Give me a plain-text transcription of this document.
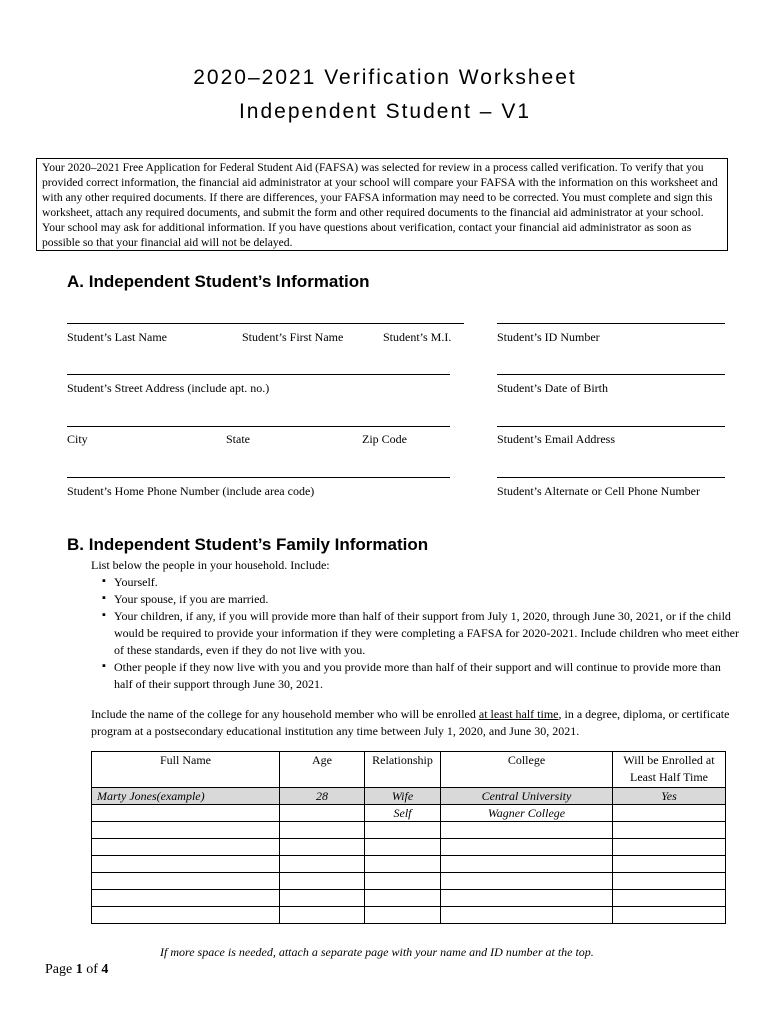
2020–2021 Verification Worksheet
Independent Student – V1
Your 2020–2021 Free Application for Federal Student Aid (FAFSA) was selected for review in a process called verification. To verify that you provided correct information, the financial aid administrator at your school will compare your FAFSA with the information on this worksheet and with any other required documents. If there are differences, your FAFSA information may need to be corrected. You must complete and sign this worksheet, attach any required documents, and submit the form and other required documents to the financial aid administrator at your school. Your school may ask for additional information. If you have questions about verification, contact your financial aid administrator as soon as possible so that your financial aid will not be delayed.
A. Independent Student’s Information
Student’s Last Name	Student’s First Name	Student’s M.I.	Student’s ID Number
Student’s Street Address (include apt. no.)	Student’s Date of Birth
City	State	Zip Code	Student’s Email Address
Student’s Home Phone Number (include area code)	Student’s Alternate or Cell Phone Number
B. Independent Student’s Family Information
List below the people in your household. Include:
▪ Yourself.
▪ Your spouse, if you are married.
▪ Your children, if any, if you will provide more than half of their support from July 1, 2020, through June 30, 2021, or if the child would be required to provide your information if they were completing a FAFSA for 2020-2021. Include children who meet either of these standards, even if they do not live with you.
▪ Other people if they now live with you and you provide more than half of their support and will continue to provide more than half of their support through June 30, 2021.
Include the name of the college for any household member who will be enrolled at least half time, in a degree, diploma, or certificate program at a postsecondary educational institution any time between July 1, 2020, and June 30, 2021.
Full Name	Age	Relationship	College	Will be Enrolled at Least Half Time
Marty Jones(example)	28	Wife	Central University	Yes
		Self	Wagner College	

If more space is needed, attach a separate page with your name and ID number at the top.
Page 1 of 4
